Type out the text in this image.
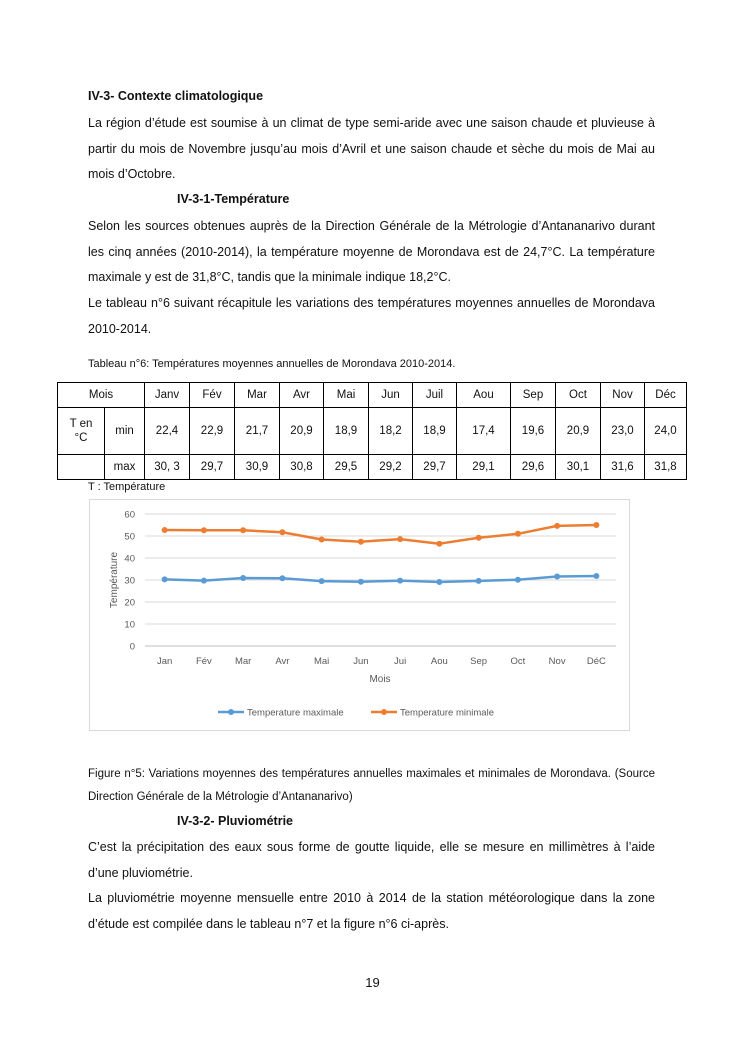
IV-3- Contexte climatologique
La région d’étude est soumise à un climat de type semi-aride avec une saison chaude et pluvieuse à partir du mois de Novembre jusqu’au mois d’Avril et une saison chaude et sèche du mois de Mai au mois d’Octobre.
IV-3-1-Température
Selon les sources obtenues auprès de la Direction Générale de la Métrologie d’Antananarivo durant les cinq années (2010-2014), la température moyenne de Morondava est de 24,7°C. La température maximale y est de 31,8°C, tandis que la minimale indique 18,2°C.
Le tableau n°6 suivant récapitule les variations des températures moyennes annuelles de Morondava 2010-2014.
Tableau n°6: Températures moyennes annuelles de Morondava 2010-2014.
Mois		Janv	Fév	Mar	Avr	Mai	Jun	Juil	Aou	Sep	Oct	Nov	Déc
T en °C	min	22,4	22,9	21,7	20,9	18,9	18,2	18,9	17,4	19,6	20,9	23,0	24,0
	max	30, 3	29,7	30,9	30,8	29,5	29,2	29,7	29,1	29,6	30,1	31,6	31,8
T : Température
0
10
20
30
40
50
60
Jan Fév Mar	Avr	Mai	Jun	Jui	Aou Sep Oct Nov DéC
Température
Mois
Temperature maximale	Temperature minimale
Figure n°5: Variations moyennes des températures annuelles maximales et minimales de Morondava. (Source Direction Générale de la Métrologie d’Antananarivo)
IV-3-2- Pluviométrie
C’est la précipitation des eaux sous forme de goutte liquide, elle se mesure en millimètres à l’aide d’une pluviométrie.
La pluviométrie moyenne mensuelle entre 2010 à 2014 de la station météorologique dans la zone d’étude est compilée dans le tableau n°7 et la figure n°6 ci-après.
19
